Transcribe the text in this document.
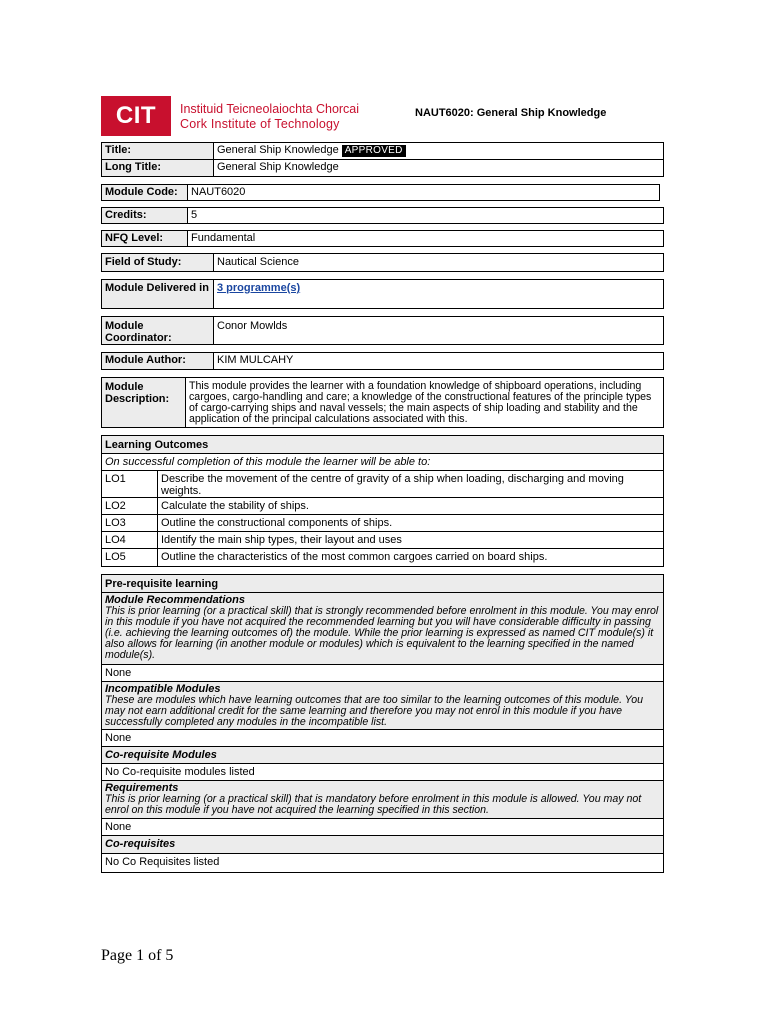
CIT	Instituid Teicneolaiochta Chorcai
Cork Institute of Technology
NAUT6020: General Ship Knowledge
Title:	General Ship Knowledge APPROVED
Long Title:	General Ship Knowledge
Module Code:	NAUT6020
Credits:	5
NFQ Level:	Fundamental
Field of Study:	Nautical Science
Module Delivered in 3 programme(s)
Module Coordinator:
Conor Mowlds
Module Author:	KIM MULCAHY
Module Description:
This module provides the learner with a foundation knowledge of shipboard operations, including cargoes, cargo-handling and care; a knowledge of the constructional features of the principle types of cargo-carrying ships and naval vessels; the main aspects of ship loading and stability and the application of the principal calculations associated with this.
Learning Outcomes
On successful completion of this module the learner will be able to:
LO1	Describe the movement of the centre of gravity of a ship when loading, discharging and moving weights.
LO2	Calculate the stability of ships.
LO3	Outline the constructional components of ships.
LO4	Identify the main ship types, their layout and uses
LO5	Outline the characteristics of the most common cargoes carried on board ships.
Pre-requisite learning
Module Recommendations
This is prior learning (or a practical skill) that is strongly recommended before enrolment in this module. You may enrol in this module if you have not acquired the recommended learning but you will have considerable difficulty in passing (i.e. achieving the learning outcomes of) the module. While the prior learning is expressed as named CIT module(s) it also allows for learning (in another module or modules) which is equivalent to the learning specified in the named module(s).
None
Incompatible Modules
These are modules which have learning outcomes that are too similar to the learning outcomes of this module. You may not earn additional credit for the same learning and therefore you may not enrol in this module if you have successfully completed any modules in the incompatible list.
None
Co-requisite Modules
No Co-requisite modules listed
Requirements
This is prior learning (or a practical skill) that is mandatory before enrolment in this module is allowed. You may not enrol on this module if you have not acquired the learning specified in this section.
None
Co-requisites
No Co Requisites listed
Page 1 of 5
